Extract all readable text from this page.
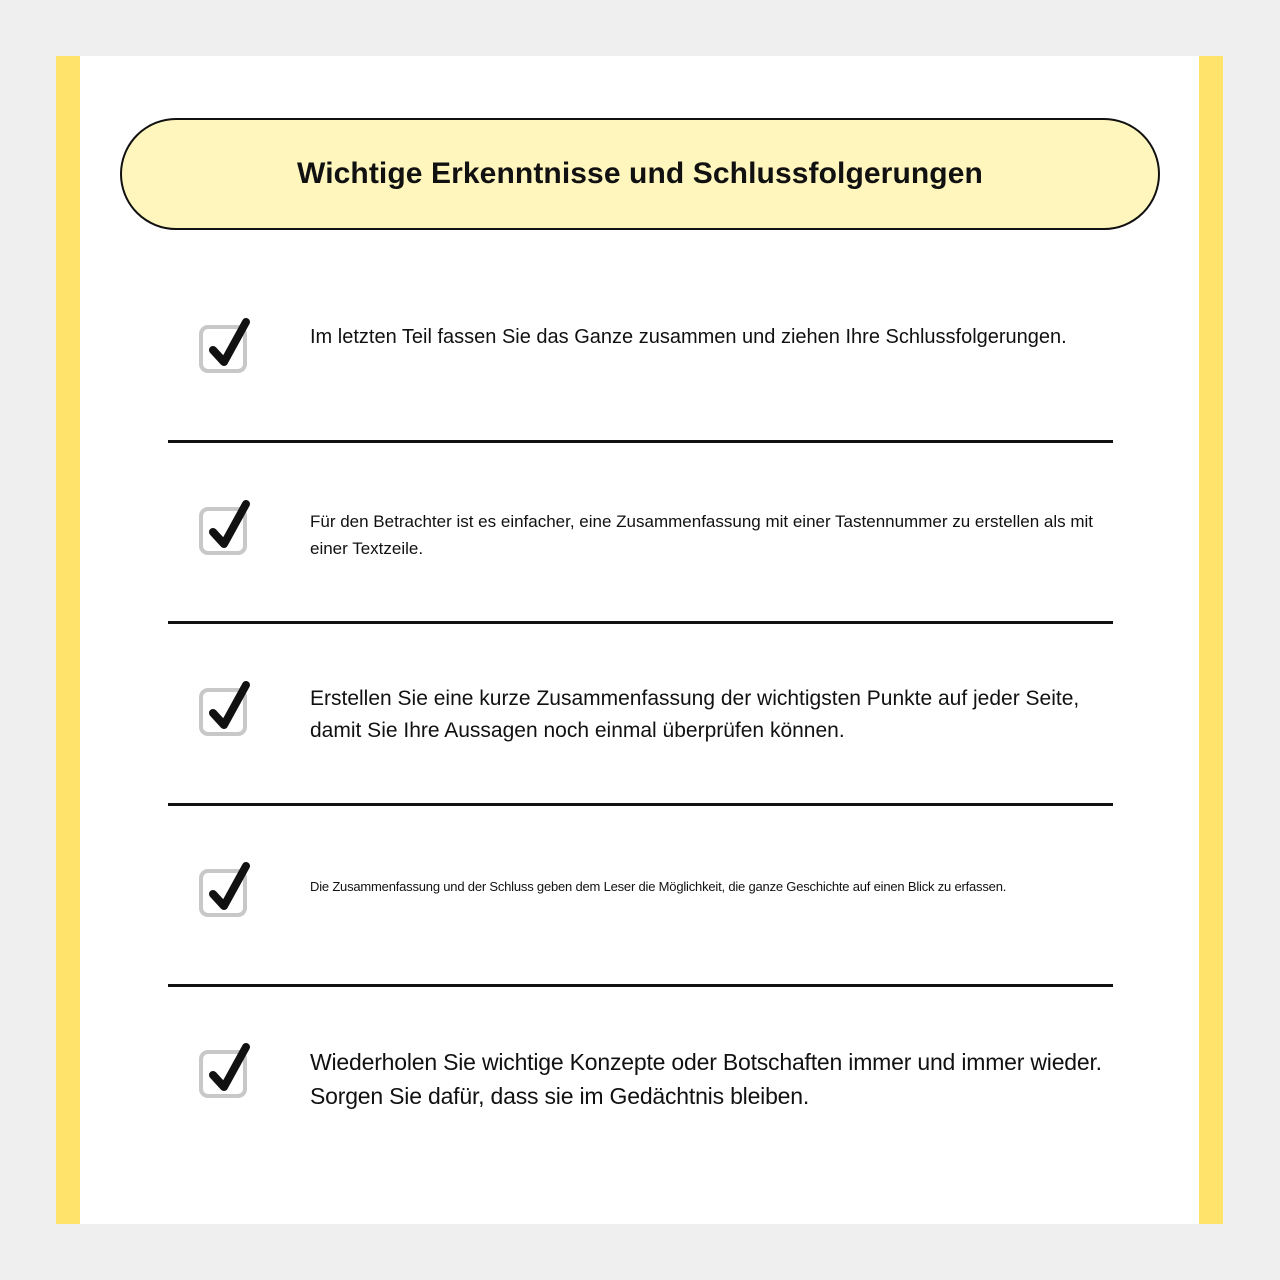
Wichtige Erkenntnisse und Schlussfolgerungen

Im letzten Teil fassen Sie das Ganze zusammen und ziehen Ihre Schlussfolgerungen.

Für den Betrachter ist es einfacher, eine Zusammenfassung mit einer Tastennummer zu erstellen als mit einer Textzeile.

Erstellen Sie eine kurze Zusammenfassung der wichtigsten Punkte auf jeder Seite, damit Sie Ihre Aussagen noch einmal überprüfen können.

Die Zusammenfassung und der Schluss geben dem Leser die Möglichkeit, die ganze Geschichte auf einen Blick zu erfassen.

Wiederholen Sie wichtige Konzepte oder Botschaften immer und immer wieder. Sorgen Sie dafür, dass sie im Gedächtnis bleiben.
